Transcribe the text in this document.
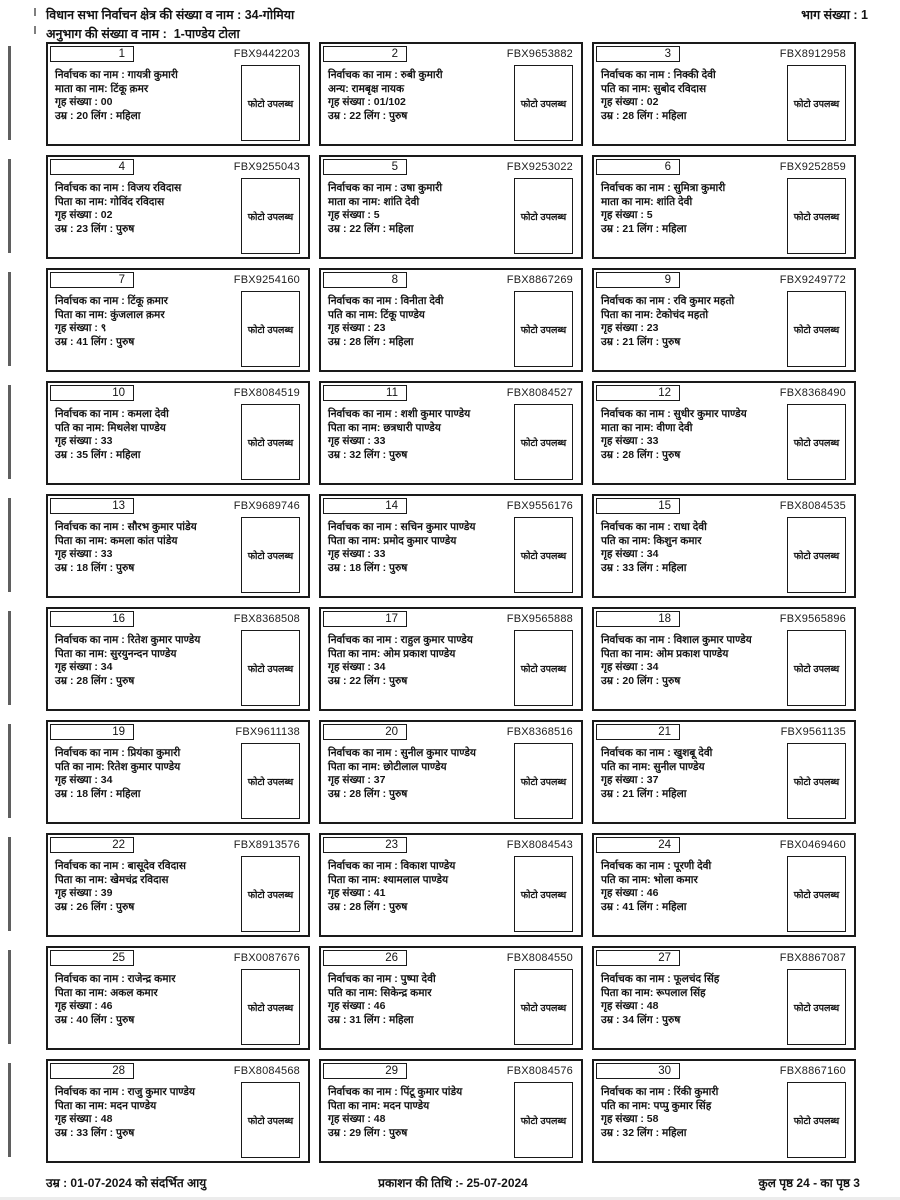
विधान सभा निर्वाचन क्षेत्र की संख्या व नाम : 34-गोमिया
अनुभाग की संख्या व नाम :  1-पाण्डेय टोला
भाग संख्या : 1
1	FBX9442203
निर्वाचक का नाम : गायत्री कुमारी
माता का नाम: टिंकू क़मर
गृह संख्या : 00
उम्र : 20 लिंग : महिला
फोटो उपलब्ध
2	FBX9653882
निर्वाचक का नाम : रुबी कुमारी
अन्य: रामबृक्ष नायक
गृह संख्या : 01/102
उम्र : 22 लिंग : पुरुष
फोटो उपलब्ध
3	FBX8912958
निर्वाचक का नाम : निक्की देवी
पति का नाम: सुबोद रविदास
गृह संख्या : 02
उम्र : 28 लिंग : महिला
फोटो उपलब्ध
4	FBX9255043
निर्वाचक का नाम : विजय रविदास
पिता का नाम: गोविंद रविदास
गृह संख्या : 02
उम्र : 23 लिंग : पुरुष
फोटो उपलब्ध
5	FBX9253022
निर्वाचक का नाम : उषा कुमारी
माता का नाम: शांति देवी
गृह संख्या : 5
उम्र : 22 लिंग : महिला
फोटो उपलब्ध
6	FBX9252859
निर्वाचक का नाम : सुमित्रा कुमारी
माता का नाम: शांति देवी
गृह संख्या : 5
उम्र : 21 लिंग : महिला
फोटो उपलब्ध
7	FBX9254160
निर्वाचक का नाम : टिंकू क़मार
पिता का नाम: कुंजलाल क़मर
गृह संख्या : ९
उम्र : 41 लिंग : पुरुष
फोटो उपलब्ध
8	FBX8867269
निर्वाचक का नाम : विनीता देवी
पति का नाम: टिंकू पाण्डेय
गृह संख्या : 23
उम्र : 28 लिंग : महिला
फोटो उपलब्ध
9	FBX9249772
निर्वाचक का नाम : रवि कुमार महतो
पिता का नाम: टेकोचंद महतो
गृह संख्या : 23
उम्र : 21 लिंग : पुरुष
फोटो उपलब्ध
10	FBX8084519
निर्वाचक का नाम : कमला देवी
पति का नाम: मिथलेश पाण्डेय
गृह संख्या : 33
उम्र : 35 लिंग : महिला
फोटो उपलब्ध
11	FBX8084527
निर्वाचक का नाम : शशी कुमार पाण्डेय
पिता का नाम: छत्रधारी पाण्डेय
गृह संख्या : 33
उम्र : 32 लिंग : पुरुष
फोटो उपलब्ध
12	FBX8368490
निर्वाचक का नाम : सुधीर कुमार पाण्डेय
माता का नाम: वीणा देवी
गृह संख्या : 33
उम्र : 28 लिंग : पुरुष
फोटो उपलब्ध
13	FBX9689746
निर्वाचक का नाम : सौरभ कुमार पांडेय
पिता का नाम: कमला कांत पांडेय
गृह संख्या : 33
उम्र : 18 लिंग : पुरुष
फोटो उपलब्ध
14	FBX9556176
निर्वाचक का नाम : सचिन कुमार पाण्डेय
पिता का नाम: प्रमोद कुमार पाण्डेय
गृह संख्या : 33
उम्र : 18 लिंग : पुरुष
फोटो उपलब्ध
15	FBX8084535
निर्वाचक का नाम : राधा देवी
पति का नाम: किशुन कमार
गृह संख्या : 34
उम्र : 33 लिंग : महिला
फोटो उपलब्ध
16	FBX8368508
निर्वाचक का नाम : रितेश कुमार पाण्डेय
पिता का नाम: सुरयुनन्दन पाण्डेय
गृह संख्या : 34
उम्र : 28 लिंग : पुरुष
फोटो उपलब्ध
17	FBX9565888
निर्वाचक का नाम : राहुल कुमार पाण्डेय
पिता का नाम: ओम प्रकाश पाण्डेय
गृह संख्या : 34
उम्र : 22 लिंग : पुरुष
फोटो उपलब्ध
18	FBX9565896
निर्वाचक का नाम : विशाल कुमार पाण्डेय
पिता का नाम: ओम प्रकाश पाण्डेय
गृह संख्या : 34
उम्र : 20 लिंग : पुरुष
फोटो उपलब्ध
19	FBX9611138
निर्वाचक का नाम : प्रियंका कुमारी
पति का नाम: रितेश कुमार पाण्डेय
गृह संख्या : 34
उम्र : 18 लिंग : महिला
फोटो उपलब्ध
20	FBX8368516
निर्वाचक का नाम : सुनील कुमार पाण्डेय
पिता का नाम: छोटीलाल पाण्डेय
गृह संख्या : 37
उम्र : 28 लिंग : पुरुष
फोटो उपलब्ध
21	FBX9561135
निर्वाचक का नाम : खुशबू देवी
पति का नाम: सुनील पाण्डेय
गृह संख्या : 37
उम्र : 21 लिंग : महिला
फोटो उपलब्ध
22	FBX8913576
निर्वाचक का नाम : बासूदेव रविदास
पिता का नाम: खेमचंद्र रविदास
गृह संख्या : 39
उम्र : 26 लिंग : पुरुष
फोटो उपलब्ध
23	FBX8084543
निर्वाचक का नाम : विकाश पाण्डेय
पिता का नाम: श्यामलाल पाण्डेय
गृह संख्या : 41
उम्र : 28 लिंग : पुरुष
फोटो उपलब्ध
24	FBX0469460
निर्वाचक का नाम : पूरणी देवी
पति का नाम: भोला कमार
गृह संख्या : 46
उम्र : 41 लिंग : महिला
फोटो उपलब्ध
25	FBX0087676
निर्वाचक का नाम : राजेन्द्र कमार
पिता का नाम: अकल कमार
गृह संख्या : 46
उम्र : 40 लिंग : पुरुष
फोटो उपलब्ध
26	FBX8084550
निर्वाचक का नाम : पुष्पा देवी
पति का नाम: सिकेन्द्र कमार
गृह संख्या : 46
उम्र : 31 लिंग : महिला
फोटो उपलब्ध
27	FBX8867087
निर्वाचक का नाम : फूलचंद सिंह
पिता का नाम: रूपलाल सिंह
गृह संख्या : 48
उम्र : 34 लिंग : पुरुष
फोटो उपलब्ध
28	FBX8084568
निर्वाचक का नाम : राजु कुमार पाण्डेय
पिता का नाम: मदन पाण्डेय
गृह संख्या : 48
उम्र : 33 लिंग : पुरुष
फोटो उपलब्ध
29	FBX8084576
निर्वाचक का नाम : पिंटू कुमार पांडेय
पिता का नाम: मदन पाण्डेय
गृह संख्या : 48
उम्र : 29 लिंग : पुरुष
फोटो उपलब्ध
30	FBX8867160
निर्वाचक का नाम : रिंकी कुमारी
पति का नाम: पप्पु कुमार सिंह
गृह संख्या : 58
उम्र : 32 लिंग : महिला
फोटो उपलब्ध
उम्र : 01-07-2024 को संदर्भित आयु	प्रकाशन की तिथि :- 25-07-2024	कुल पृष्ठ 24 - का पृष्ठ 3
